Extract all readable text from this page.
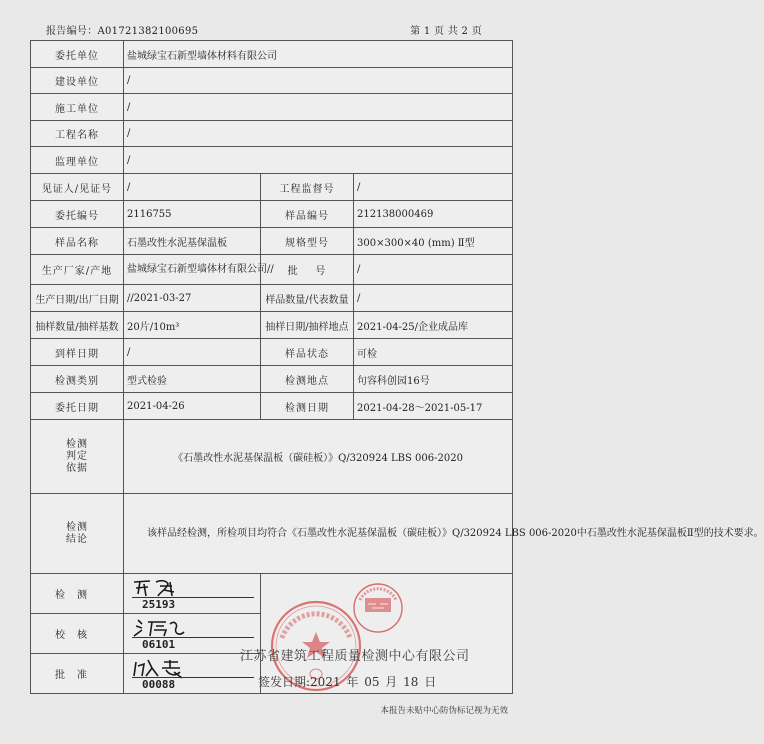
报告编号：A01721382100695	第 1 页 共 2 页
委托单位	盐城绿宝石新型墙体材料有限公司		
建设单位	/		
施工单位	/		
工程名称	/		
监理单位	/		
见证人/见证号	/	工程监督号	/
委托编号	2116755	样品编号	212138000469
样品名称	石墨改性水泥基保温板	规格型号	300×300×40 (mm) Ⅱ型
生产厂家/产地	盐城绿宝石新型墙体材有限公司//	批    号	/
生产日期/出厂日期	//2021-03-27	样品数量/代表数量	/
抽样数量/抽样基数	20片/10m³	抽样日期/抽样地点	2021-04-25/企业成品库
到样日期	/	样品状态	可检
检测类别	型式检验	检测地点	句容科创园16号
委托日期	2021-04-26	检测日期	2021-04-28～2021-05-17

检测
判定
依据	《石墨改性水泥基保温板（碳硅板）》Q/320924 LBS 006-2020		

检测
结论	该样品经检测，所检项目均符合《石墨改性水泥基保温板（碳硅板）》Q/320924 LBS 006-2020中石墨改性水泥基保温板Ⅱ型的技术要求。		

检测	25193		

校核	06101		

批准	00088		
江苏省建筑工程质量检测中心有限公司
签发日期:2021 年 05 月 18 日
本报告未贴中心防伪标记视为无效
